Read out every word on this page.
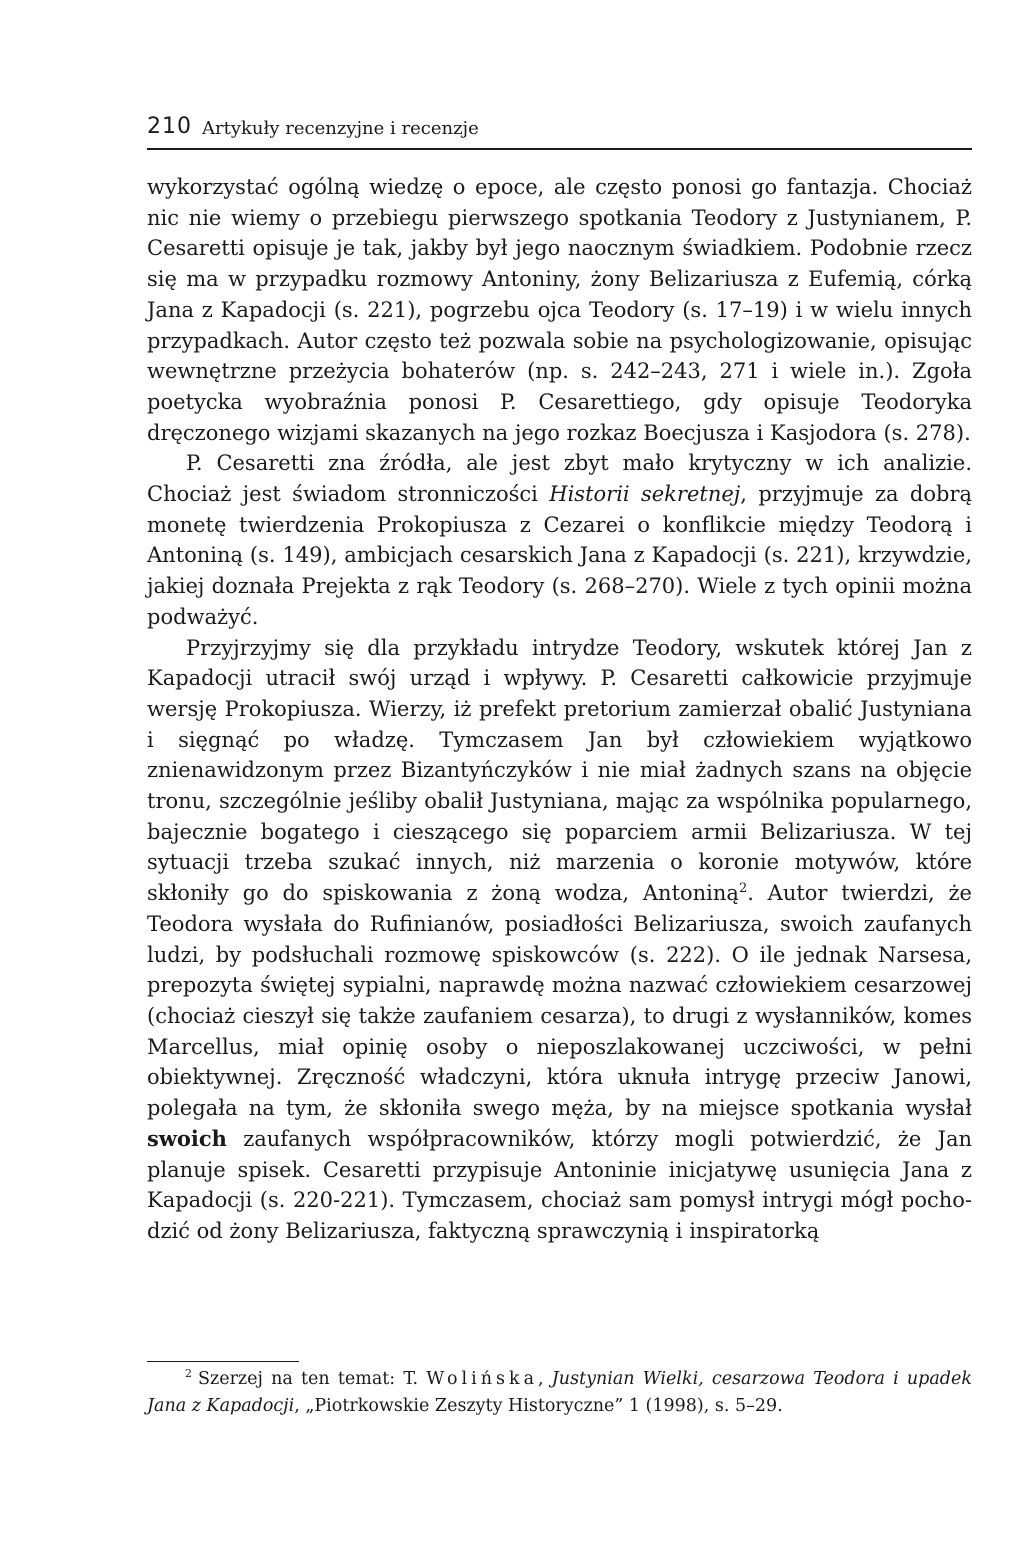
210 Artykuły recenzyjne i recenzje

wykorzystać ogólną wiedzę o epoce, ale często ponosi go fantazja. Chociaż nic nie wiemy o przebiegu pierwszego spotkania Teodory z Justynianem, P. Cesaretti opisuje je tak, jakby był jego naocznym świadkiem. Podobnie rzecz się ma w przypadku rozmowy Antoniny, żony Belizariusza z Eufemią, córką Jana z Kapadocji (s. 221), pogrzebu ojca Teodory (s. 17–19) i w wielu innych przypadkach. Autor często też pozwala sobie na psychologizowanie, opisując wewnętrzne przeżycia bohaterów (np. s. 242–243, 271 i wiele in.). Zgoła poetycka wyobraźnia ponosi P. Cesarettiego, gdy opisuje Teodoryka dręczonego wizjami skazanych na jego rozkaz Boecjusza i Kasjodora (s. 278).

P. Cesaretti zna źródła, ale jest zbyt mało krytyczny w ich analizie. Chociaż jest świadom stronniczości Historii sekretnej, przyjmuje za dobrą monetę twierdzenia Prokopiusza z Cezarei o konflikcie między Teodorą i Antoniną (s. 149), ambicjach cesarskich Jana z Kapadocji (s. 221), krzywdzie, jakiej doznała Prejekta z rąk Teodory (s. 268–270). Wiele z tych opinii można podważyć.

Przyjrzyjmy się dla przykładu intrydze Teodory, wskutek której Jan z Kapadocji utracił swój urząd i wpływy. P. Cesaretti całkowicie przyjmuje wersję Prokopiusza. Wierzy, iż prefekt pretorium zamierzał obalić Justyniana i sięgnąć po władzę. Tymczasem Jan był człowiekiem wyjątkowo znienawidzonym przez Bizantyńczyków i nie miał żadnych szans na objęcie tronu, szczególnie jeśliby obalił Justyniana, mając za wspólnika popularnego, bajecznie bogatego i cieszącego się poparciem armii Belizariusza. W tej sytuacji trzeba szukać innych, niż marzenia o koronie motywów, które skłoniły go do spiskowania z żoną wodza, Antoniną$^2$. Autor twierdzi, że Teodora wysłała do Rufinianów, posiadłości Belizariusza, swoich zaufanych ludzi, by podsłuchali rozmowę spiskowców (s. 222). O ile jednak Narsesa, prepozyta świętej sypialni, naprawdę można nazwać człowiekiem cesarzowej (chociaż cieszył się także zaufaniem cesarza), to drugi z wysłanników, komes Marcellus, miał opinię osoby o nieposzlakowanej uczciwości, w pełni obiektywnej. Zręczność władczyni, która uknuła intrygę przeciw Janowi, polegała na tym, że skłoniła swego męża, by na miejsce spotkania wysłał swoich zaufanych współpracowników, którzy mogli potwierdzić, że Jan planuje spisek. Cesaretti przypisuje Antoninie inicjatywę usunięcia Jana z Kapadocji (s. 220-221). Tymczasem, chociaż sam pomysł intrygi mógł pochodzić od żony Belizariusza, faktyczną sprawczynią i inspiratorką

$^2$ Szerzej na ten temat: T. Wolińska, Justynian Wielki, cesarzowa Teodora i upadek Jana z Kapadocji, „Piotrkowskie Zeszyty Historyczne” 1 (1998), s. 5–29.
